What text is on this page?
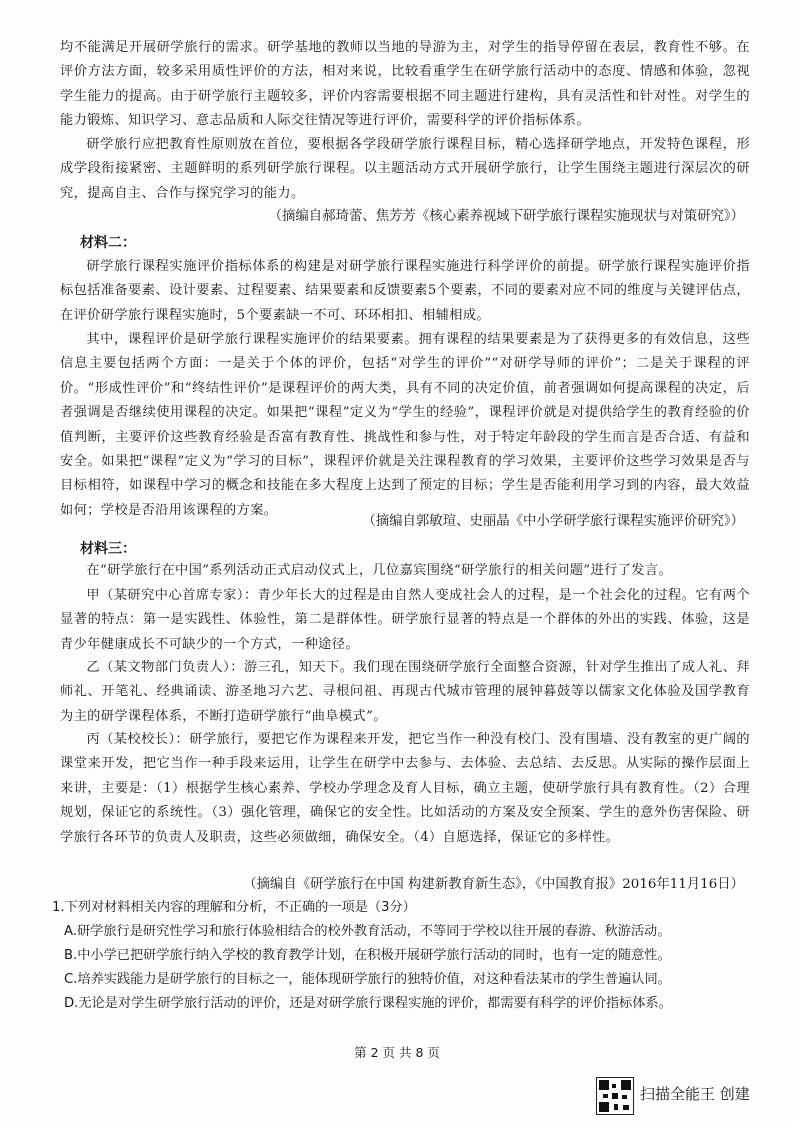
均不能满足开展研学旅行的需求。研学基地的教师以当地的导游为主，对学生的指导停留在表层，教育性不够。在评价方法方面，较多采用质性评价的方法，相对来说，比较看重学生在研学旅行活动中的态度、情感和体验，忽视学生能力的提高。由于研学旅行主题较多，评价内容需要根据不同主题进行建构，具有灵活性和针对性。对学生的能力锻炼、知识学习、意志品质和人际交往情况等进行评价，需要科学的评价指标体系。

研学旅行应把教育性原则放在首位，要根据各学段研学旅行课程目标，精心选择研学地点，开发特色课程，形成学段衔接紧密、主题鲜明的系列研学旅行课程。以主题活动方式开展研学旅行，让学生围绕主题进行深层次的研究，提高自主、合作与探究学习的能力。

（摘编自郝琦蕾、焦芳芳《核心素养视域下研学旅行课程实施现状与对策研究》）

材料二：

研学旅行课程实施评价指标体系的构建是对研学旅行课程实施进行科学评价的前提。研学旅行课程实施评价指标包括准备要素、设计要素、过程要素、结果要素和反馈要素5个要素，不同的要素对应不同的维度与关键评估点，在评价研学旅行课程实施时，5个要素缺一不可、环环相扣、相辅相成。

其中，课程评价是研学旅行课程实施评价的结果要素。拥有课程的结果要素是为了获得更多的有效信息，这些信息主要包括两个方面：一是关于个体的评价，包括“对学生的评价”“对研学导师的评价”；二是关于课程的评价。“形成性评价”和“终结性评价”是课程评价的两大类，具有不同的决定价值，前者强调如何提高课程的决定，后者强调是否继续使用课程的决定。如果把“课程”定义为“学生的经验”，课程评价就是对提供给学生的教育经验的价值判断，主要评价这些教育经验是否富有教育性、挑战性和参与性，对于特定年龄段的学生而言是否合适、有益和安全。如果把“课程”定义为“学习的目标”，课程评价就是关注课程教育的学习效果，主要评价这些学习效果是否与目标相符，如课程中学习的概念和技能在多大程度上达到了预定的目标；学生是否能利用学习到的内容，最大效益如何；学校是否沿用该课程的方案。

（摘编自郭敏瑄、史丽晶《中小学研学旅行课程实施评价研究》）

材料三：

在“研学旅行在中国”系列活动正式启动仪式上，几位嘉宾围绕“研学旅行的相关问题”进行了发言。

甲（某研究中心首席专家）：青少年长大的过程是由自然人变成社会人的过程，是一个社会化的过程。它有两个显著的特点：第一是实践性、体验性，第二是群体性。研学旅行显著的特点是一个群体的外出的实践、体验，这是青少年健康成长不可缺少的一个方式，一种途径。

乙（某文物部门负责人）：游三孔，知天下。我们现在围绕研学旅行全面整合资源，针对学生推出了成人礼、拜师礼、开笔礼、经典诵读、游圣地习六艺、寻根问祖、再现古代城市管理的展钟暮鼓等以儒家文化体验及国学教育为主的研学课程体系，不断打造研学旅行“曲阜模式”。

丙（某校校长）：研学旅行，要把它作为课程来开发，把它当作一种没有校门、没有围墙、没有教室的更广阔的课堂来开发，把它当作一种手段来运用，让学生在研学中去参与、去体验、去总结、去反思。从实际的操作层面上来讲，主要是：（1）根据学生核心素养、学校办学理念及育人目标，确立主题，使研学旅行具有教育性。（2）合理规划，保证它的系统性。（3）强化管理，确保它的安全性。比如活动的方案及安全预案、学生的意外伤害保险、研学旅行各环节的负责人及职责，这些必须做细，确保安全。（4）自愿选择，保证它的多样性。

（摘编自《研学旅行在中国 构建新教育新生态》，《中国教育报》2016年11月16日）

1.下列对材料相关内容的理解和分析，不正确的一项是（3分）

A.研学旅行是研究性学习和旅行体验相结合的校外教育活动，不等同于学校以往开展的春游、秋游活动。

B.中小学已把研学旅行纳入学校的教育教学计划，在积极开展研学旅行活动的同时，也有一定的随意性。

C.培养实践能力是研学旅行的目标之一，能体现研学旅行的独特价值，对这种看法某市的学生普遍认同。

D.无论是对学生研学旅行活动的评价，还是对研学旅行课程实施的评价，都需要有科学的评价指标体系。

第 2 页 共 8 页
扫描全能王 创建
